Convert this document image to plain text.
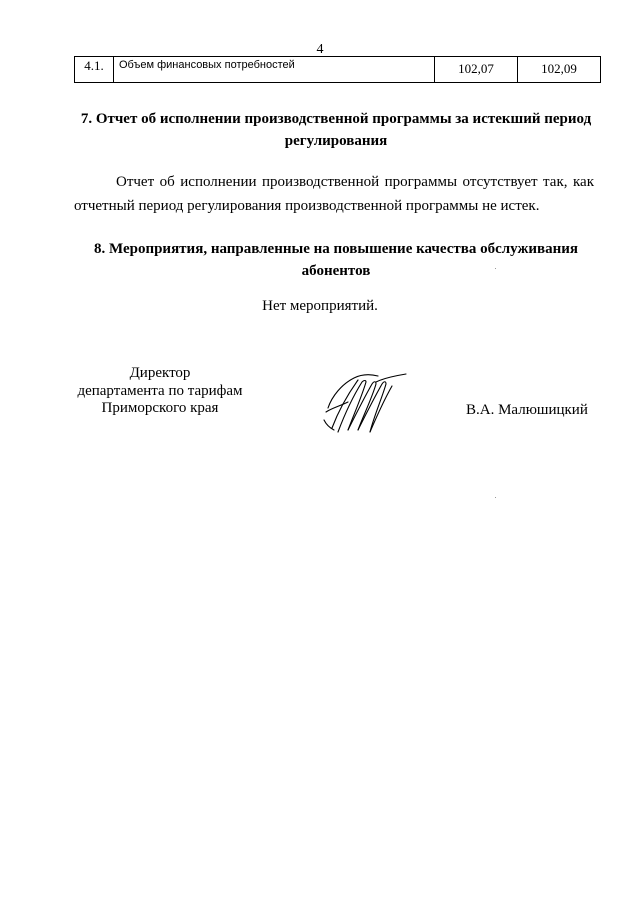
4
4.1.	Объем финансовых потребностей	102,07	102,09
7. Отчет об исполнении производственной программы за истекший период
регулирования
Отчет об исполнении производственной программы отсутствует так, как отчетный период регулирования производственной программы не истек.
8. Мероприятия, направленные на повышение качества обслуживания
абонентов
Нет мероприятий.
Директор
департамента по тарифам
Приморского края	В.А. Малюшицкий
